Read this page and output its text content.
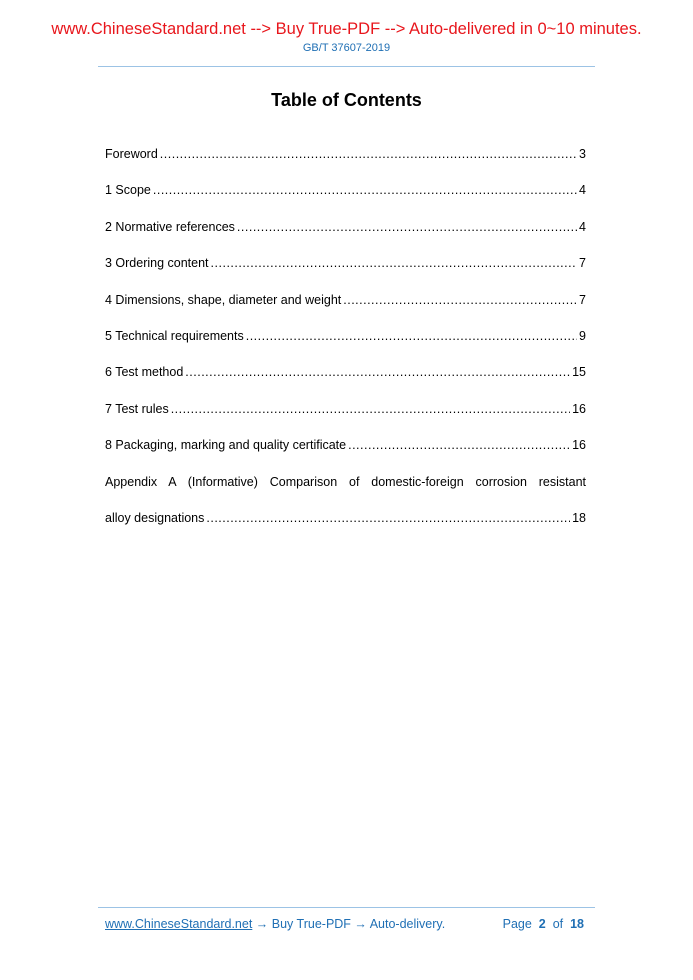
www.ChineseStandard.net --> Buy True-PDF --> Auto-delivered in 0~10 minutes.
GB/T 37607-2019
Table of Contents
Foreword .....	3
1 Scope .....	4
2 Normative references .....	4
3 Ordering content .....	7
4 Dimensions, shape, diameter and weight .....	7
5 Technical requirements .....	9
6 Test method .....	15
7 Test rules .....	16
8 Packaging, marking and quality certificate .....	16
Appendix A (Informative) Comparison of domestic-foreign corrosion resistant
alloy designations .....	18
www.ChineseStandard.net → Buy True-PDF → Auto-delivery.	Page 2 of 18
